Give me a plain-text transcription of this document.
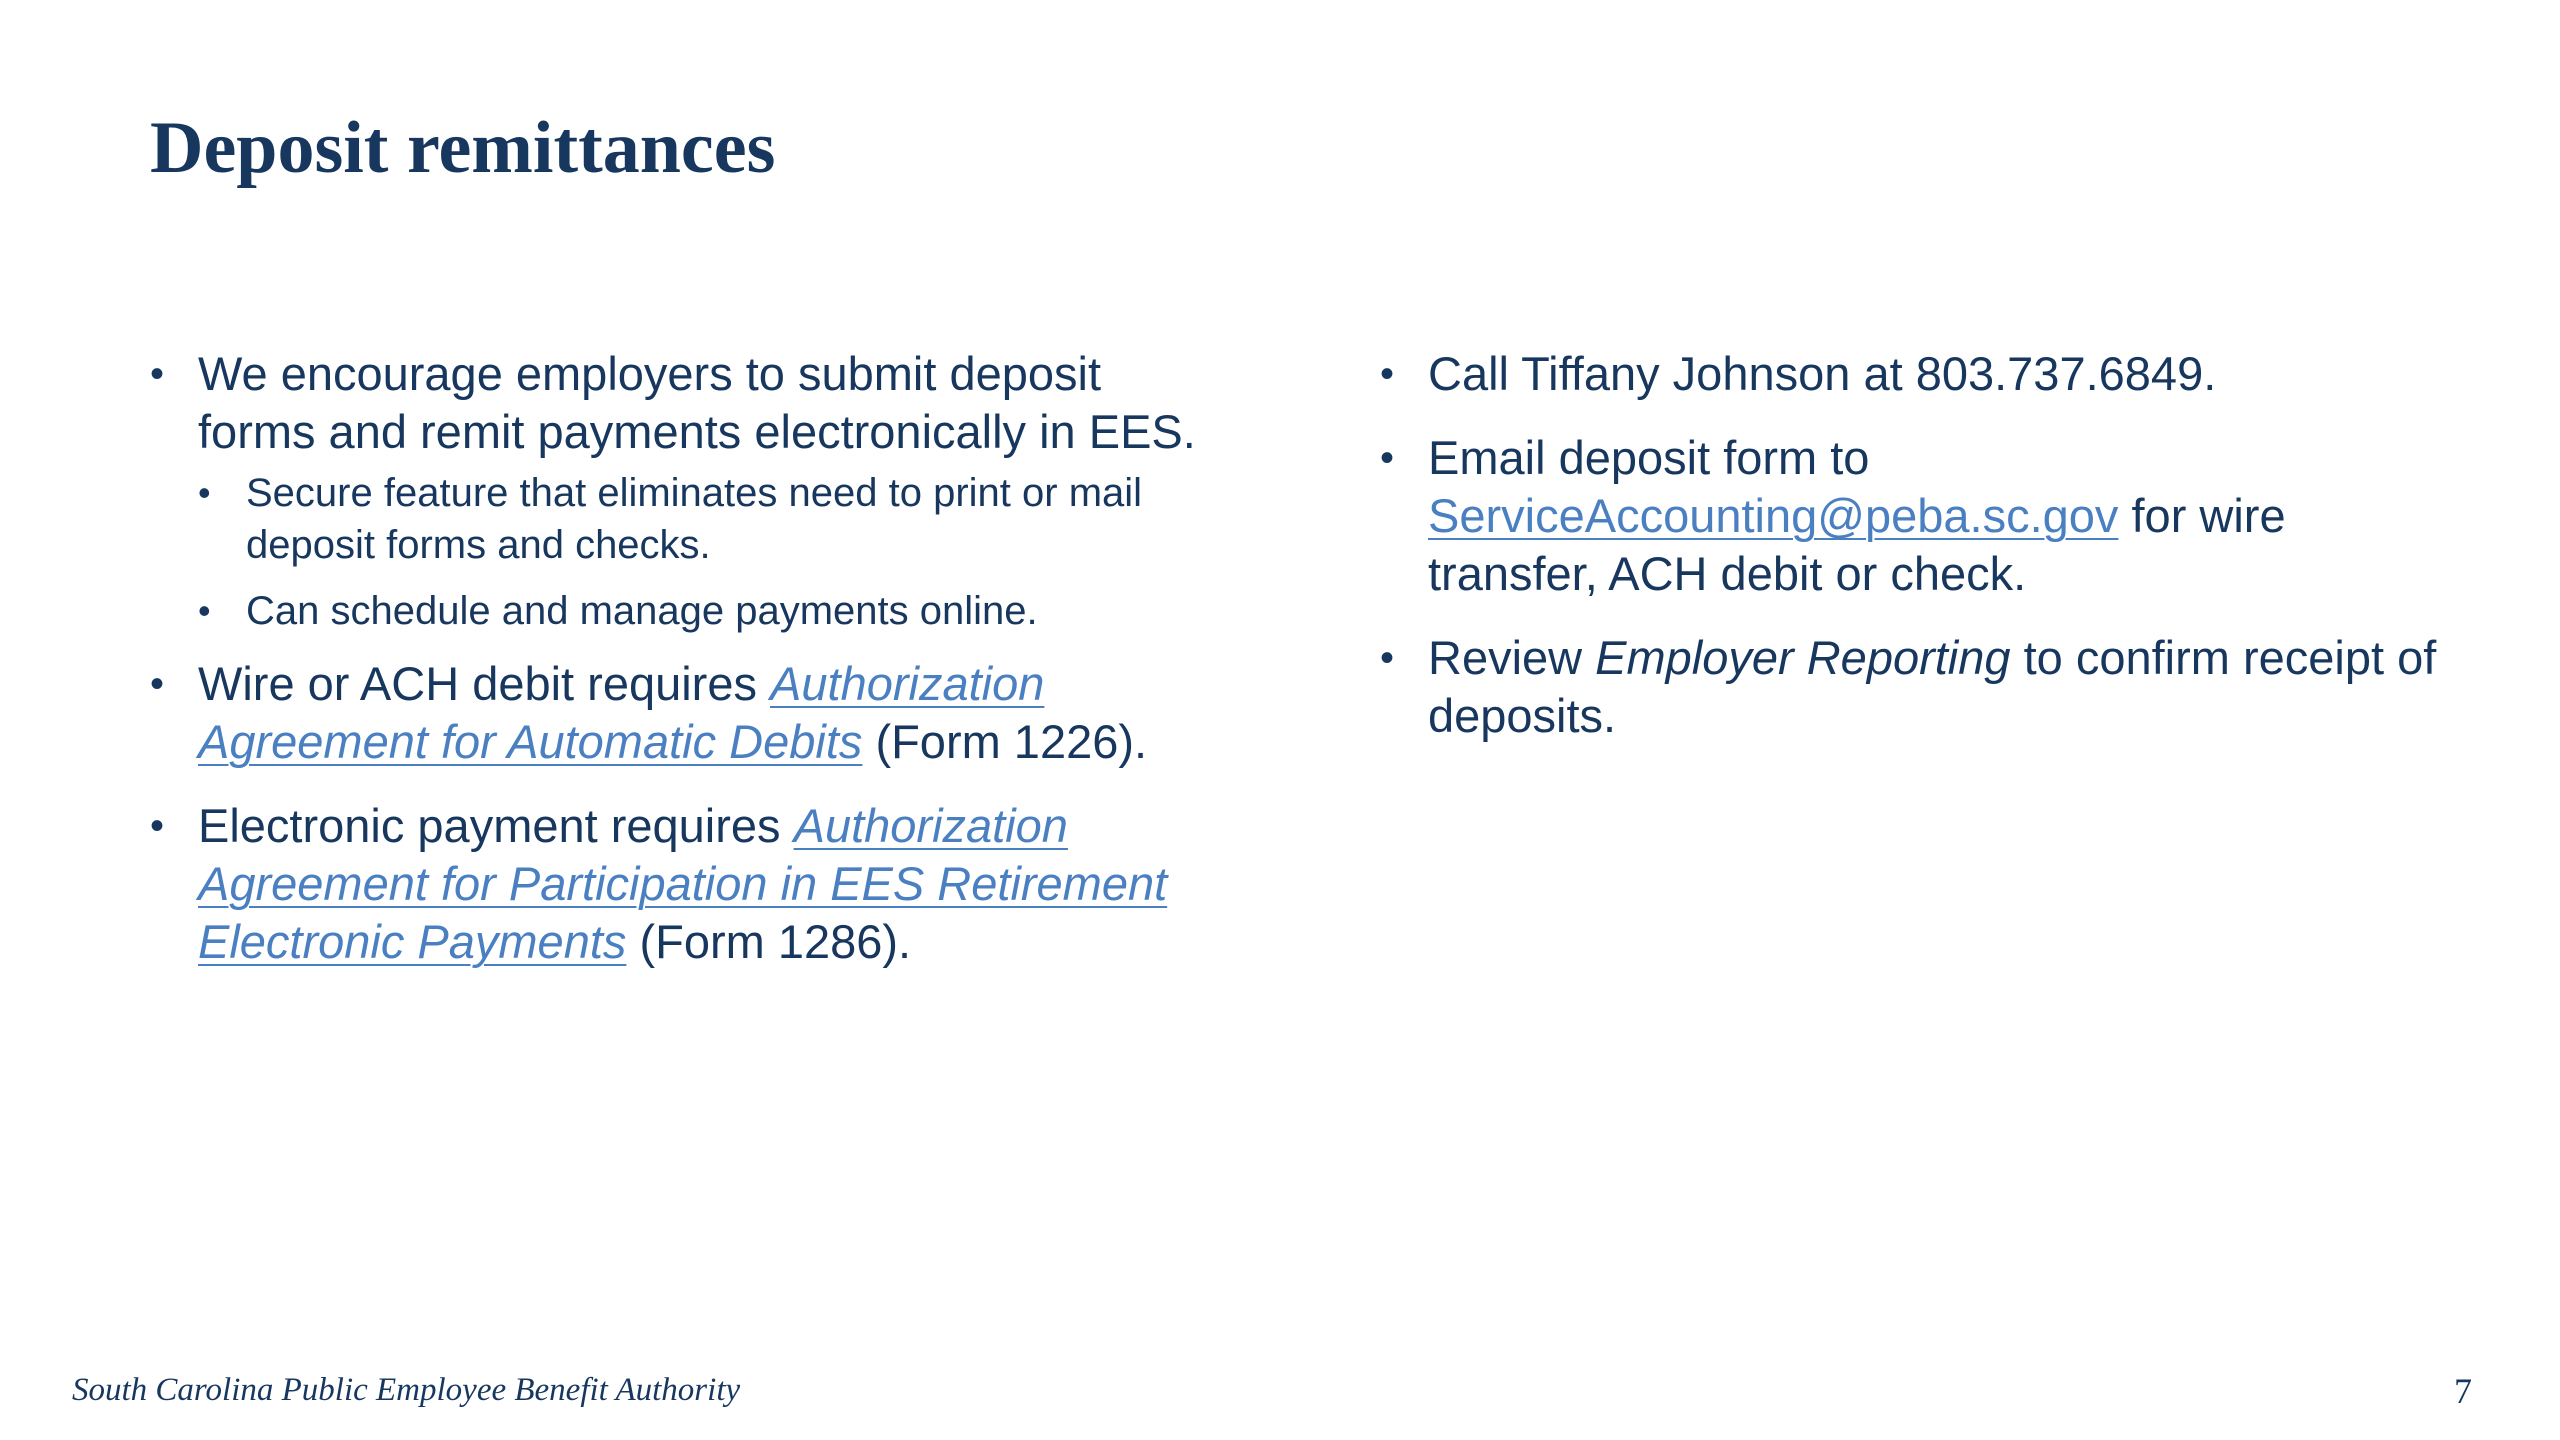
Deposit remittances
• We encourage employers to submit deposit forms and remit payments electronically in EES.
• Secure feature that eliminates need to print or mail deposit forms and checks.
• Can schedule and manage payments online.
• Wire or ACH debit requires Authorization Agreement for Automatic Debits (Form 1226).
• Electronic payment requires Authorization Agreement for Participation in EES Retirement Electronic Payments (Form 1286).
• Call Tiffany Johnson at 803.737.6849.
• Email deposit form to ServiceAccounting@peba.sc.gov for wire transfer, ACH debit or check.
• Review Employer Reporting to confirm receipt of deposits.
South Carolina Public Employee Benefit Authority	7
